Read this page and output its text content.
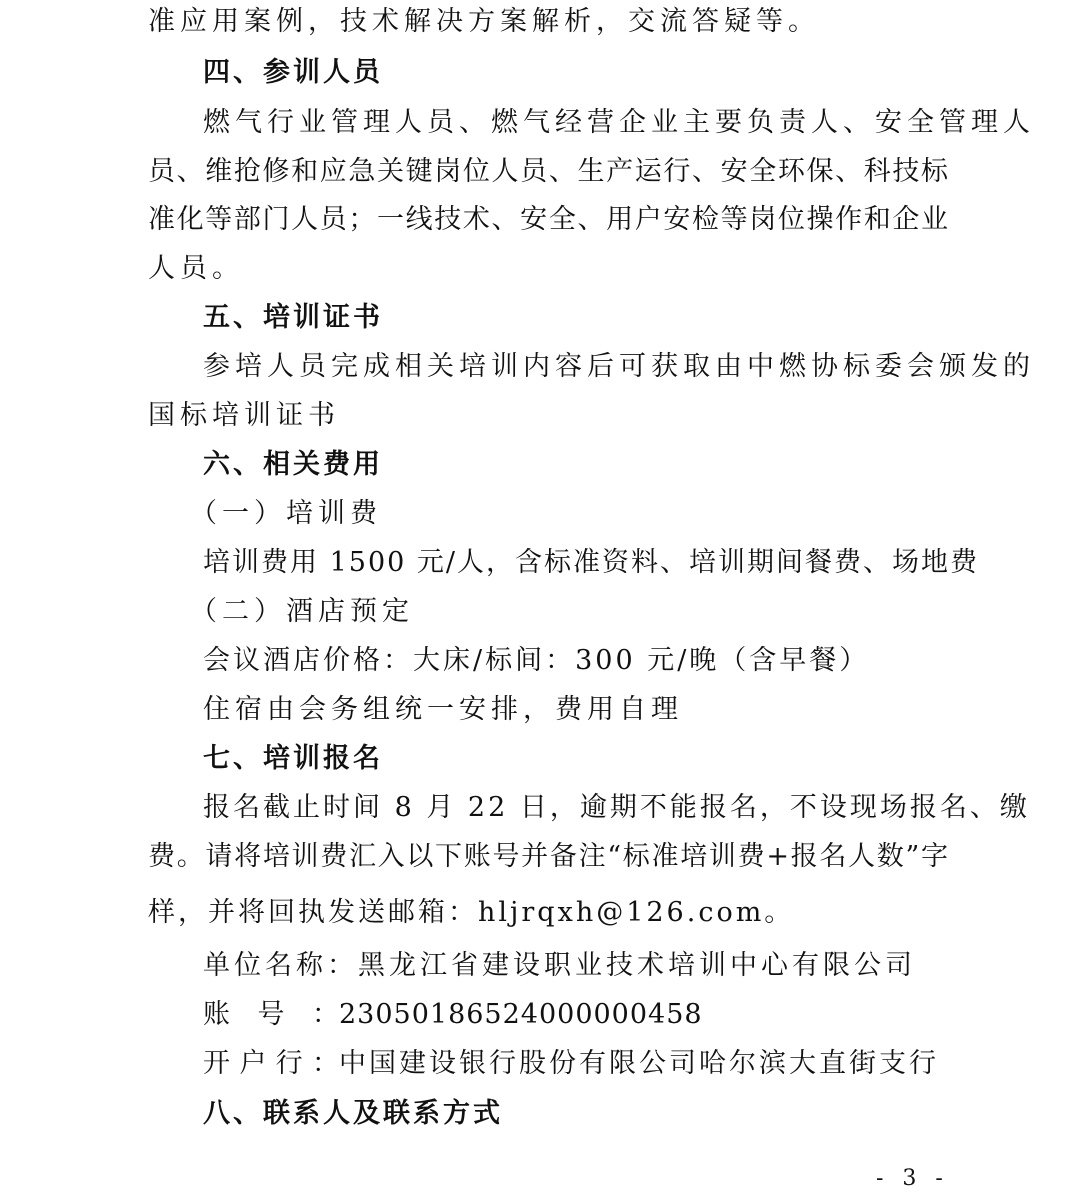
准应用案例，技术解决方案解析，交流答疑等。
四、参训人员
燃气行业管理人员、燃气经营企业主要负责人、安全管理人
员、维抢修和应急关键岗位人员、生产运行、安全环保、科技标
准化等部门人员；一线技术、安全、用户安检等岗位操作和企业
人员。
五、培训证书
参培人员完成相关培训内容后可获取由中燃协标委会颁发的
国标培训证书
六、相关费用
（一）培训费
培训费用 1500 元/人，含标准资料、培训期间餐费、场地费
（二）酒店预定
会议酒店价格：大床/标间：300 元/晚（含早餐）
住宿由会务组统一安排，费用自理
七、培训报名
报名截止时间 8 月 22 日，逾期不能报名，不设现场报名、缴
费。请将培训费汇入以下账号并备注“标准培训费+报名人数”字
样，并将回执发送邮箱：hljrqxh@126.com。
单位名称：黑龙江省建设职业技术培训中心有限公司
账号：23050186524000000458
开户行：中国建设银行股份有限公司哈尔滨大直街支行
八、联系人及联系方式
- 3 -
